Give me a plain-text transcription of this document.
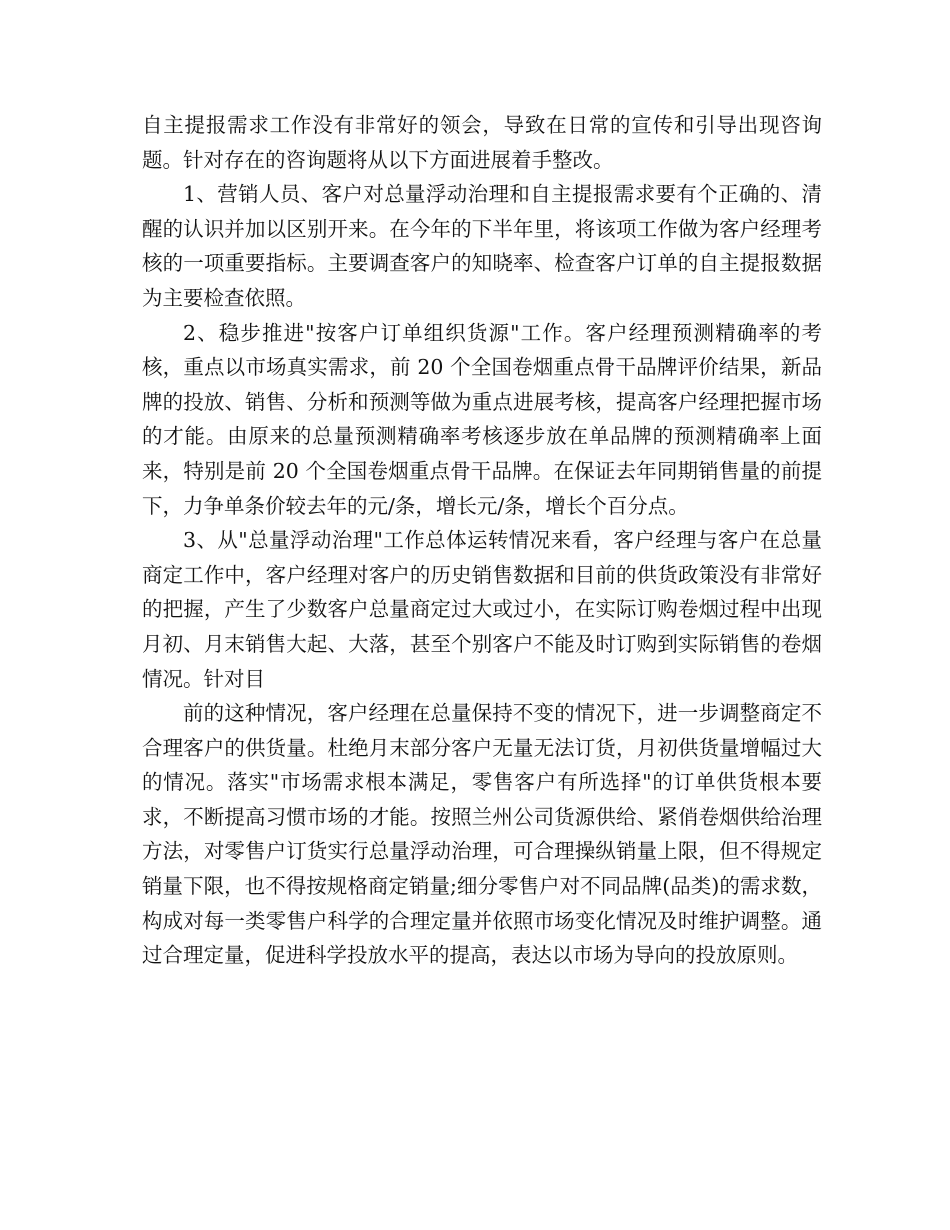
自主提报需求工作没有非常好的领会，导致在日常的宣传和引导出现咨询题。针对存在的咨询题将从以下方面进展着手整改。

1、营销人员、客户对总量浮动治理和自主提报需求要有个正确的、清醒的认识并加以区别开来。在今年的下半年里，将该项工作做为客户经理考核的一项重要指标。主要调查客户的知晓率、检查客户订单的自主提报数据为主要检查依照。

2、稳步推进"按客户订单组织货源"工作。客户经理预测精确率的考核，重点以市场真实需求，前 20 个全国卷烟重点骨干品牌评价结果，新品牌的投放、销售、分析和预测等做为重点进展考核，提高客户经理把握市场的才能。由原来的总量预测精确率考核逐步放在单品牌的预测精确率上面来，特别是前 20 个全国卷烟重点骨干品牌。在保证去年同期销售量的前提下，力争单条价较去年的元/条，增长元/条，增长个百分点。

3、从"总量浮动治理"工作总体运转情况来看，客户经理与客户在总量商定工作中，客户经理对客户的历史销售数据和目前的供货政策没有非常好的把握，产生了少数客户总量商定过大或过小，在实际订购卷烟过程中出现月初、月末销售大起、大落，甚至个别客户不能及时订购到实际销售的卷烟情况。针对目

前的这种情况，客户经理在总量保持不变的情况下，进一步调整商定不合理客户的供货量。杜绝月末部分客户无量无法订货，月初供货量增幅过大的情况。落实"市场需求根本满足，零售客户有所选择"的订单供货根本要求，不断提高习惯市场的才能。按照兰州公司货源供给、紧俏卷烟供给治理方法，对零售户订货实行总量浮动治理，可合理操纵销量上限，但不得规定销量下限，也不得按规格商定销量;细分零售户对不同品牌(品类)的需求数，构成对每一类零售户科学的合理定量并依照市场变化情况及时维护调整。通过合理定量，促进科学投放水平的提高，表达以市场为导向的投放原则。
